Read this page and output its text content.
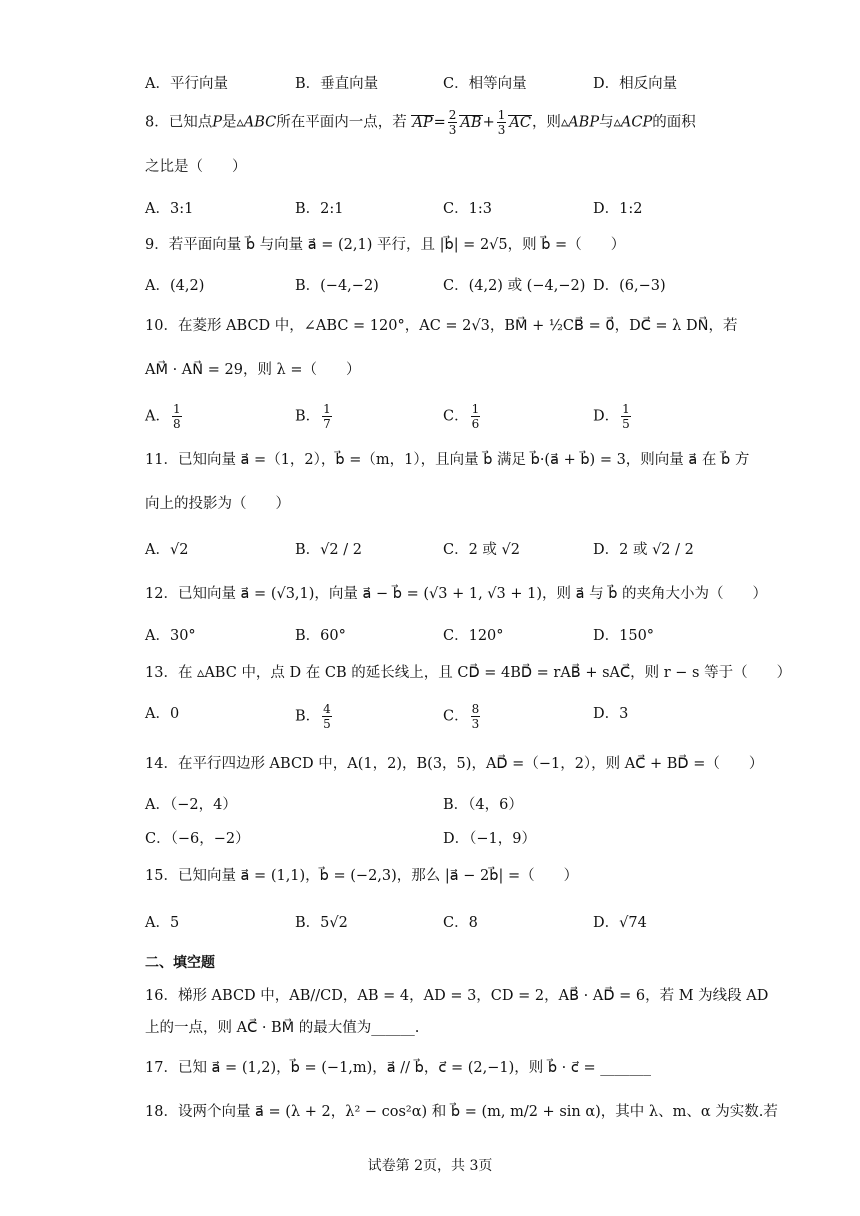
A．平行向量	B．垂直向量	C．相等向量	D．相反向量
8．已知点P是▵ABC所在平面内一点，若 $AP= \frac{2}{3} AB+ \frac{1}{3}$ AC，则▵ABP与▵ACP的面积
之比是（　　）
A．3:1	B．2:1	C．1:3	D．1:2
9．若平面向量 b⃗ 与向量 a⃗ = (2,1) 平行，且 |b⃗| = 2√5，则 b⃗ =（　　）
A．(4,2)	B．(−4,−2)	C．(4,2) 或 (−4,−2) D．(6,−3)
10．在菱形 ABCD 中，∠ABC = 120°，AC = 2√3，BM⃗ + ½CB⃗ = 0⃗，DC⃗ = λ DN⃗，若
AM⃗ · AN⃗ = 29，则 λ =（　　）
A． $\frac{1}{8}$	B． $\frac{1}{7}$	C． $\frac{1}{6}$	D． $\frac{1}{5}$
11．已知向量 a⃗ =（1，2），b⃗ =（m，1），且向量 b⃗ 满足 b⃗·(a⃗ + b⃗) = 3，则向量 a⃗ 在 b⃗ 方
向上的投影为（　　）
A．√2	B．√2 / 2	C．2 或 √2	D．2 或 √2 / 2
12．已知向量 a⃗ = (√3,1)，向量 a⃗ − b⃗ = (√3 + 1, √3 + 1)，则 a⃗ 与 b⃗ 的夹角大小为（　　）
A．30°	B．60°	C．120°	D．150°
13．在 ▵ABC 中，点 D 在 CB 的延长线上，且 CD⃗ = 4BD⃗ = rAB⃗ + sAC⃗，则 r − s 等于（　　）
A．0	B． $\frac{4}{5}$	C． $\frac{8}{3}$	D．3
14．在平行四边形 ABCD 中，A(1，2)，B(3，5)，AD⃗ =（−1，2），则 AC⃗ + BD⃗ =（　　）
A．（−2，4）	B．（4，6）
C．（−6，−2）	D．（−1，9）
15．已知向量 a⃗ = (1,1)，b⃗ = (−2,3)，那么 |a⃗ − 2b⃗| =（　　）
A．5	B．5√2	C．8	D．√74
二、填空题
16．梯形 ABCD 中，AB//CD，AB = 4，AD = 3，CD = 2，AB⃗ · AD⃗ = 6，若 M 为线段 AD
上的一点，则 AC⃗ · BM⃗ 的最大值为______.
17．已知 a⃗ = (1,2)，b⃗ = (−1,m)，a⃗ // b⃗，c⃗ = (2,−1)，则 b⃗ · c⃗ = _______
18．设两个向量 a⃗ = (λ + 2，λ² − cos²α) 和 b⃗ = (m, m/2 + sin α)，其中 λ、m、α 为实数.若
试卷第 2页，共 3页
